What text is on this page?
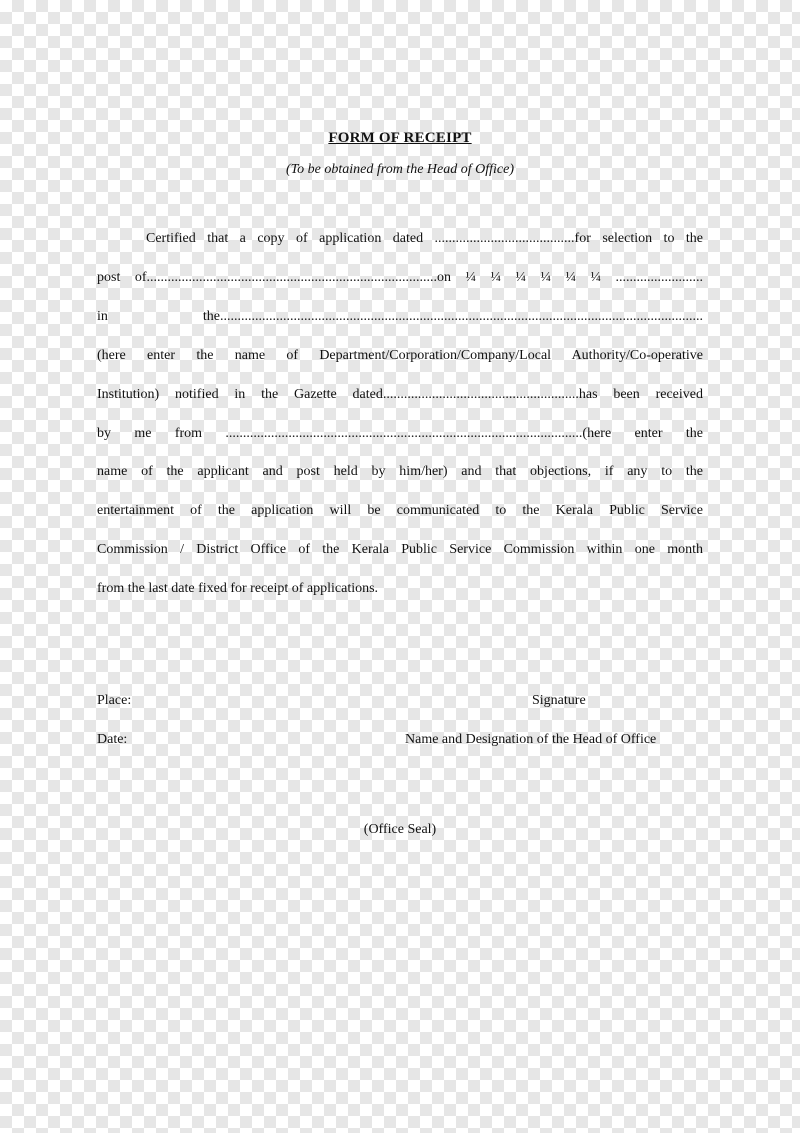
FORM OF RECEIPT
(To be obtained from the Head of Office)
Certified that a copy of application dated ........................................for selection to the
post of...................................................................................on ¼ ¼ ¼ ¼ ¼ ¼ .........................
in the..........................................................................................................................................
(here enter the name of Department/Corporation/Company/Local Authority/Co-operative
Institution) notified in the Gazette dated........................................................has been received
by me from ......................................................................................................(here enter the
name of the applicant and post held by him/her) and that objections, if any to the
entertainment of the application will be communicated to the Kerala Public Service
Commission / District Office of the Kerala Public Service Commission within one month
from the last date fixed for receipt of applications.
Place:	Signature
Date:	Name and Designation of the Head of Office
(Office Seal)
